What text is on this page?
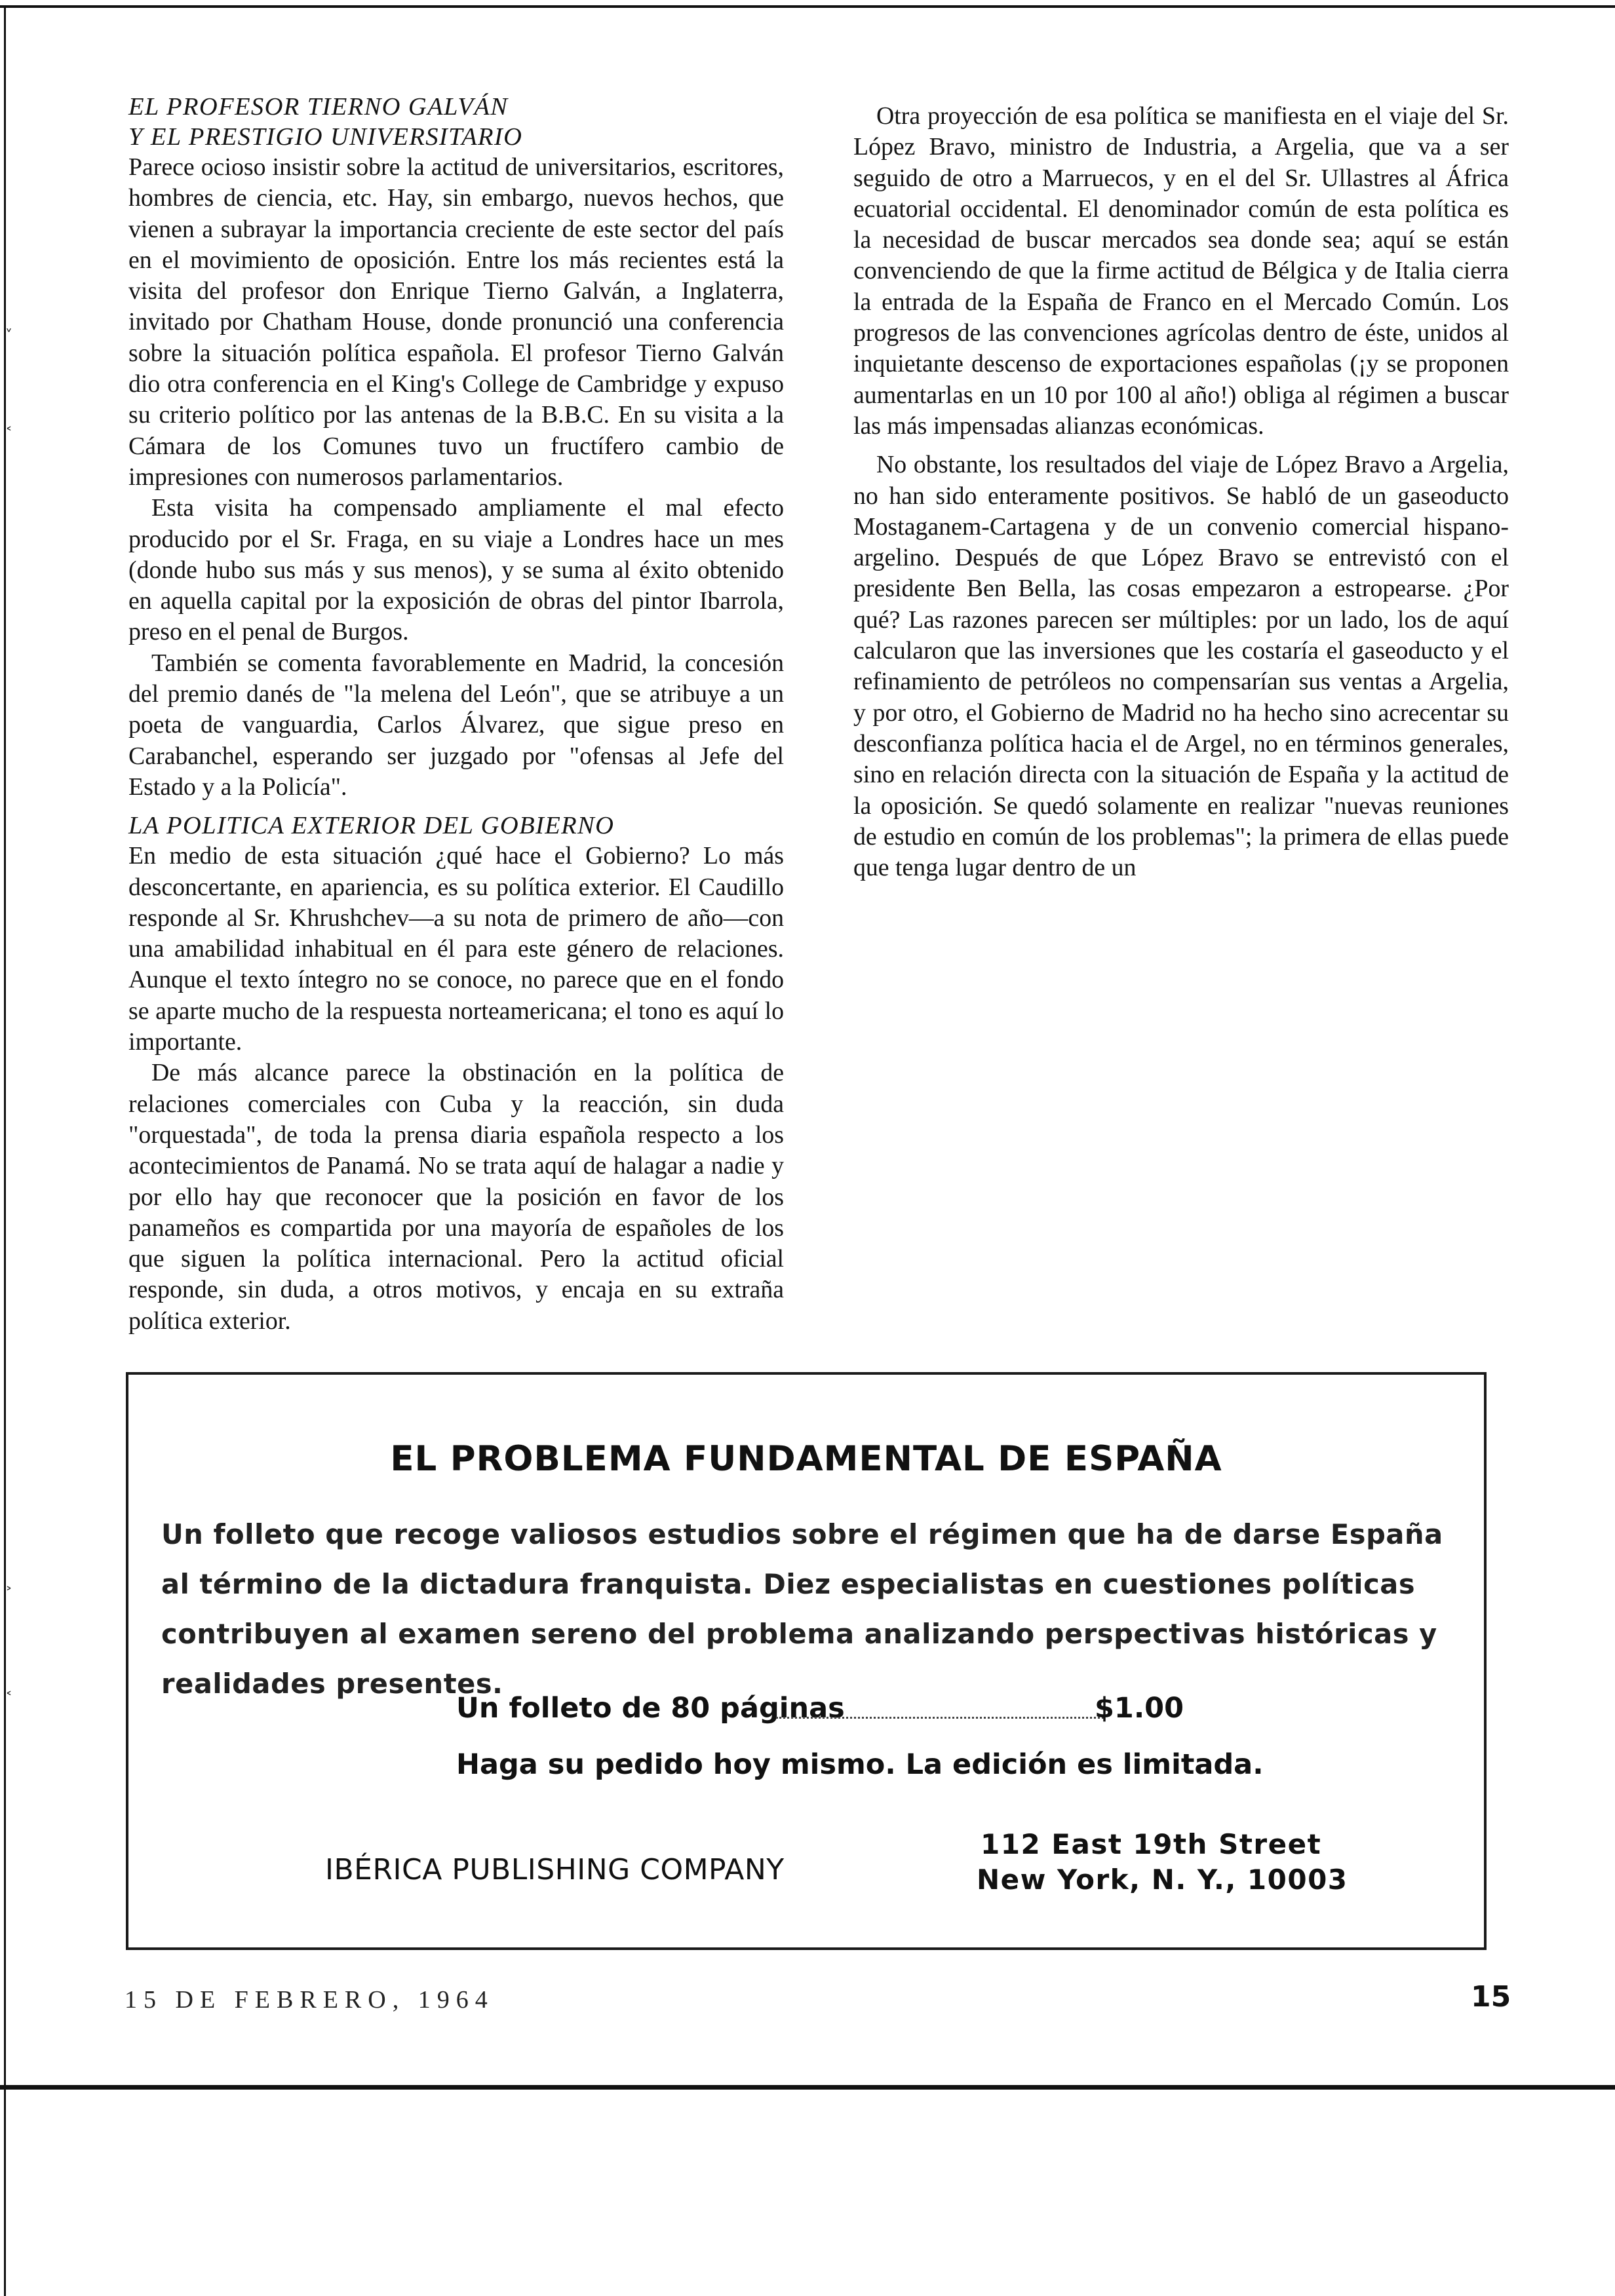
˅
˂
˃
˂
EL PROFESOR TIERNO GALVÁN
Y EL PRESTIGIO UNIVERSITARIO

Parece ocioso insistir sobre la actitud de universitarios, escritores, hombres de ciencia, etc. Hay, sin embargo, nuevos hechos, que vienen a subrayar la importancia creciente de este sector del país en el movimiento de oposición. Entre los más recientes está la visita del profesor don Enrique Tierno Galván, a Inglaterra, invitado por Chatham House, donde pronunció una conferencia sobre la situación política española. El profesor Tierno Galván dio otra conferencia en el King's College de Cambridge y expuso su criterio político por las antenas de la B.B.C. En su visita a la Cámara de los Comunes tuvo un fructífero cambio de impresiones con numerosos parlamentarios.

Esta visita ha compensado ampliamente el mal efecto producido por el Sr. Fraga, en su viaje a Londres hace un mes (donde hubo sus más y sus menos), y se suma al éxito obtenido en aquella capital por la exposición de obras del pintor Ibarrola, preso en el penal de Burgos.

También se comenta favorablemente en Madrid, la concesión del premio danés de "la melena del León", que se atribuye a un poeta de vanguardia, Carlos Álvarez, que sigue preso en Carabanchel, esperando ser juzgado por "ofensas al Jefe del Estado y a la Policía".

LA POLITICA EXTERIOR DEL GOBIERNO

En medio de esta situación ¿qué hace el Gobierno? Lo más desconcertante, en apariencia, es su política exterior. El Caudillo responde al Sr. Khrushchev—a su nota de primero de año—con una amabilidad inhabitual en él para este género de relaciones. Aunque el texto íntegro no se conoce, no parece que en el fondo se aparte mucho de la respuesta norteamericana; el tono es aquí lo importante.

De más alcance parece la obstinación en la política de relaciones comerciales con Cuba y la reacción, sin duda "orquestada", de toda la prensa diaria española respecto a los acontecimientos de Panamá. No se trata aquí de halagar a nadie y por ello hay que reconocer que la posición en favor de los panameños es compartida por una mayoría de españoles de los que siguen la política internacional. Pero la actitud oficial responde, sin duda, a otros motivos, y encaja en su extraña política exterior.

Otra proyección de esa política se manifiesta en el viaje del Sr. López Bravo, ministro de Industria, a Argelia, que va a ser seguido de otro a Marruecos, y en el del Sr. Ullastres al África ecuatorial occidental. El denominador común de esta política es la necesidad de buscar mercados sea donde sea; aquí se están convenciendo de que la firme actitud de Bélgica y de Italia cierra la entrada de la España de Franco en el Mercado Común. Los progresos de las convenciones agrícolas dentro de éste, unidos al inquietante descenso de exportaciones españolas (¡y se proponen aumentarlas en un 10 por 100 al año!) obliga al régimen a buscar las más impensadas alianzas económicas.

No obstante, los resultados del viaje de López Bravo a Argelia, no han sido enteramente positivos. Se habló de un gaseoducto Mostaganem-Cartagena y de un convenio comercial hispano-argelino. Después de que López Bravo se entrevistó con el presidente Ben Bella, las cosas empezaron a estropearse. ¿Por qué? Las razones parecen ser múltiples: por un lado, los de aquí calcularon que las inversiones que les costaría el gaseoducto y el refinamiento de petróleos no compensarían sus ventas a Argelia, y por otro, el Gobierno de Madrid no ha hecho sino acrecentar su desconfianza política hacia el de Argel, no en términos generales, sino en relación directa con la situación de España y la actitud de la oposición. Se quedó solamente en realizar "nuevas reuniones de estudio en común de los problemas"; la primera de ellas puede que tenga lugar dentro de un

EL PROBLEMA FUNDAMENTAL DE ESPAÑA

Un folleto que recoge valiosos estudios sobre el régimen que ha de darse España al término de la dictadura franquista. Diez especialistas en cuestiones políticas contribuyen al examen sereno del problema analizando perspectivas históricas y realidades presentes.

Un folleto de 80 páginas	$1.00
Haga su pedido hoy mismo. La edición es limitada.
IBÉRICA PUBLISHING COMPANY
112 East 19th Street
New York, N. Y., 10003
15 DE FEBRERO, 1964	15
